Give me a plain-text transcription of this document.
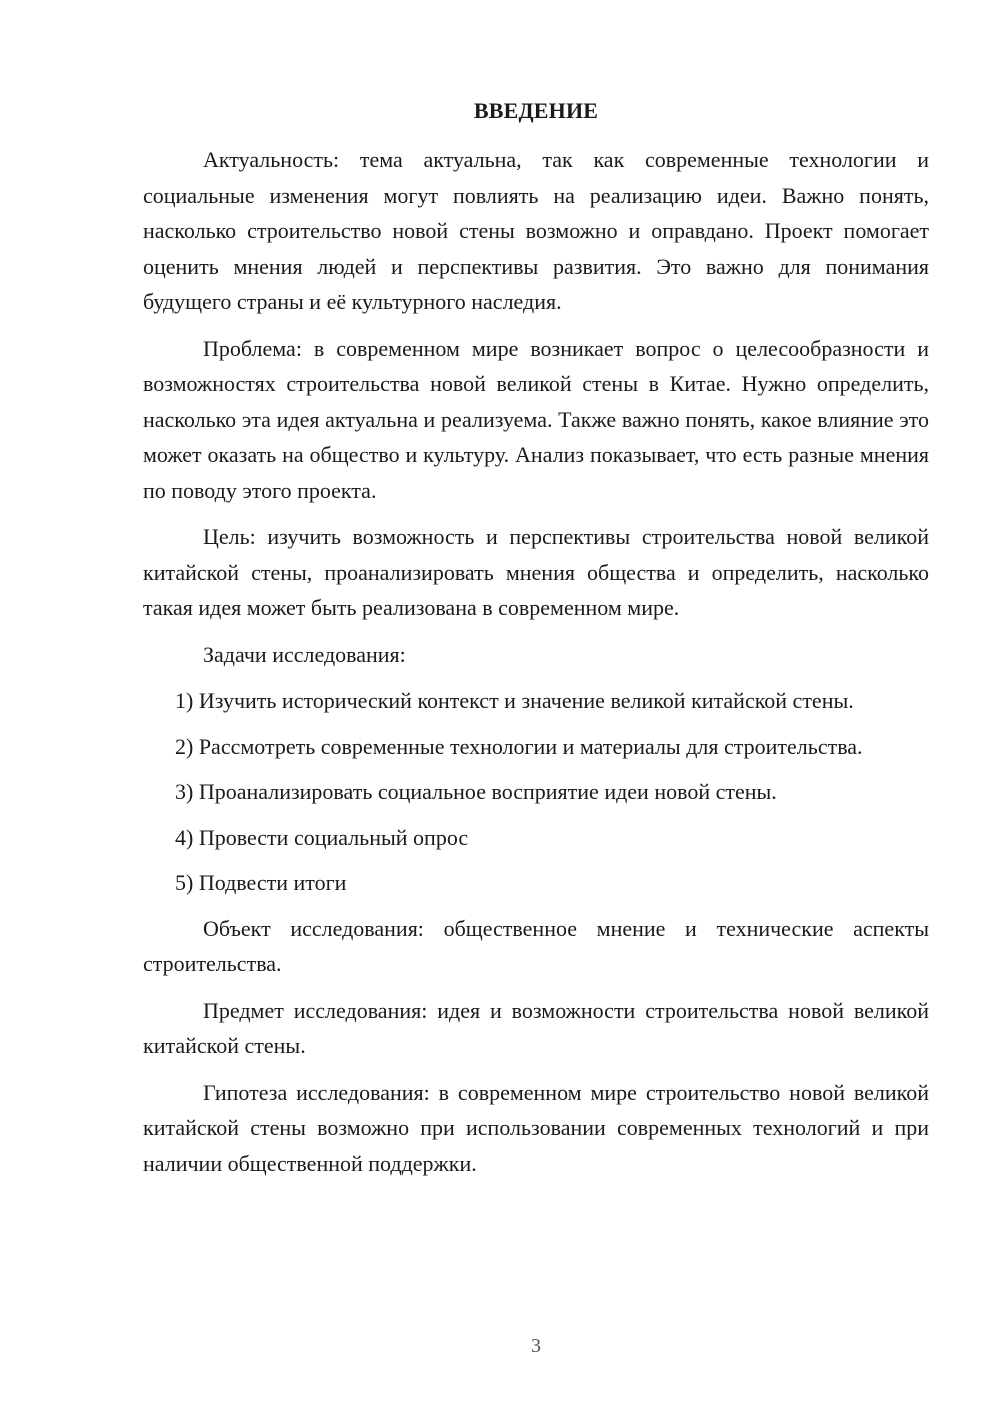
ВВЕДЕНИЕ

Актуальность: тема актуальна, так как современные технологии и социальные изменения могут повлиять на реализацию идеи. Важно понять, насколько строительство новой стены возможно и оправдано. Проект помогает оценить мнения людей и перспективы развития. Это важно для понимания будущего страны и её культурного наследия.

Проблема: в современном мире возникает вопрос о целесообразности и возможностях строительства новой великой стены в Китае. Нужно определить, насколько эта идея актуальна и реализуема. Также важно понять, какое влияние это может оказать на общество и культуру. Анализ показывает, что есть разные мнения по поводу этого проекта.

Цель: изучить возможность и перспективы строительства новой великой китайской стены, проанализировать мнения общества и определить, насколько такая идея может быть реализована в современном мире.

Задачи исследования:

1) Изучить исторический контекст и значение великой китайской стены.

2) Рассмотреть современные технологии и материалы для строительства.

3) Проанализировать социальное восприятие идеи новой стены.

4) Провести социальный опрос

5) Подвести итоги

Объект исследования: общественное мнение и технические аспекты строительства.

Предмет исследования: идея и возможности строительства новой великой китайской стены.

Гипотеза исследования: в современном мире строительство новой великой китайской стены возможно при использовании современных технологий и при наличии общественной поддержки.

3
